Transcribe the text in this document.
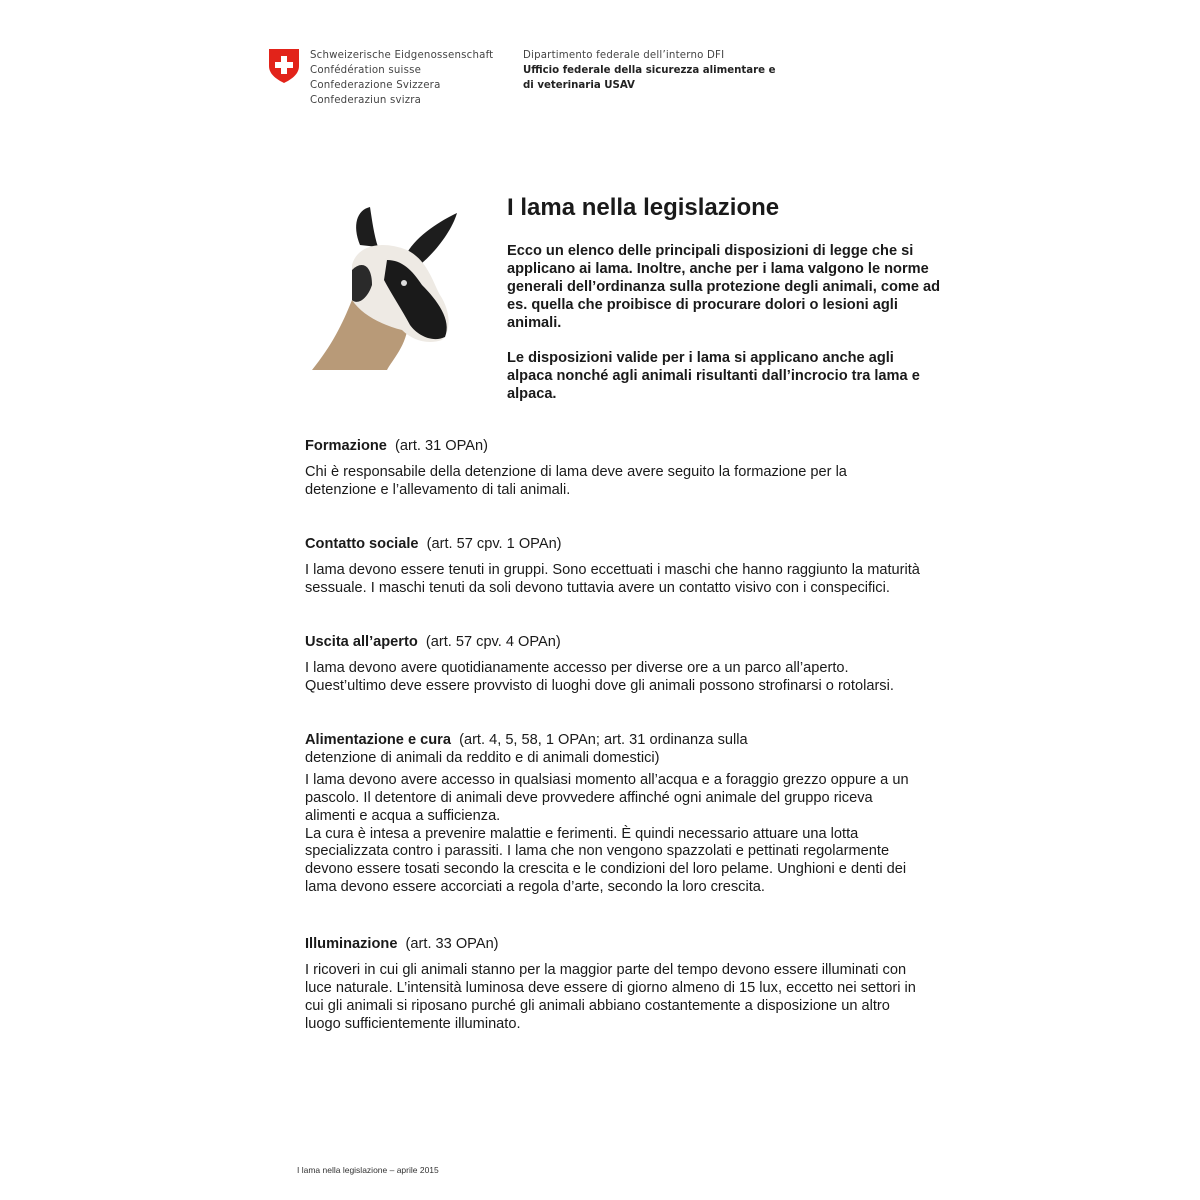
Schweizerische Eidgenossenschaft
Confédération suisse
Confederazione Svizzera
Confederaziun svizra
Dipartimento federale dell’interno DFI
Ufficio federale della sicurezza alimentare e
di veterinaria USAV
I lama nella legislazione

Ecco un elenco delle principali disposizioni di legge che si applicano ai lama. Inoltre, anche per i lama valgono le norme generali dell’ordinanza sulla protezione degli animali, come ad es. quella che proibisce di procurare dolori o lesioni agli animali.

Le disposizioni valide per i lama si applicano anche agli alpaca nonché agli animali risultanti dall’incrocio tra lama e alpaca.

Formazione (art. 31 OPAn)

Chi è responsabile della detenzione di lama deve avere seguito la formazione per la
detenzione e l’allevamento di tali animali.

Contatto sociale (art. 57 cpv. 1 OPAn)

I lama devono essere tenuti in gruppi. Sono eccettuati i maschi che hanno raggiunto la maturità
sessuale. I maschi tenuti da soli devono tuttavia avere un contatto visivo con i conspecifici.

Uscita all’aperto (art. 57 cpv. 4 OPAn)

I lama devono avere quotidianamente accesso per diverse ore a un parco all’aperto.
Quest’ultimo deve essere provvisto di luoghi dove gli animali possono strofinarsi o rotolarsi.

Alimentazione e cura (art. 4, 5, 58, 1 OPAn; art. 31 ordinanza sulla
detenzione di animali da reddito e di animali domestici)

I lama devono avere accesso in qualsiasi momento all’acqua e a foraggio grezzo oppure a un
pascolo. Il detentore di animali deve provvedere affinché ogni animale del gruppo riceva
alimenti e acqua a sufficienza.
La cura è intesa a prevenire malattie e ferimenti. È quindi necessario attuare una lotta
specializzata contro i parassiti. I lama che non vengono spazzolati e pettinati regolarmente
devono essere tosati secondo la crescita e le condizioni del loro pelame. Unghioni e denti dei
lama devono essere accorciati a regola d’arte, secondo la loro crescita.

Illuminazione (art. 33 OPAn)

I ricoveri in cui gli animali stanno per la maggior parte del tempo devono essere illuminati con
luce naturale. L’intensità luminosa deve essere di giorno almeno di 15 lux, eccetto nei settori in
cui gli animali si riposano purché gli animali abbiano costantemente a disposizione un altro
luogo sufficientemente illuminato.

I lama nella legislazione – aprile 2015
